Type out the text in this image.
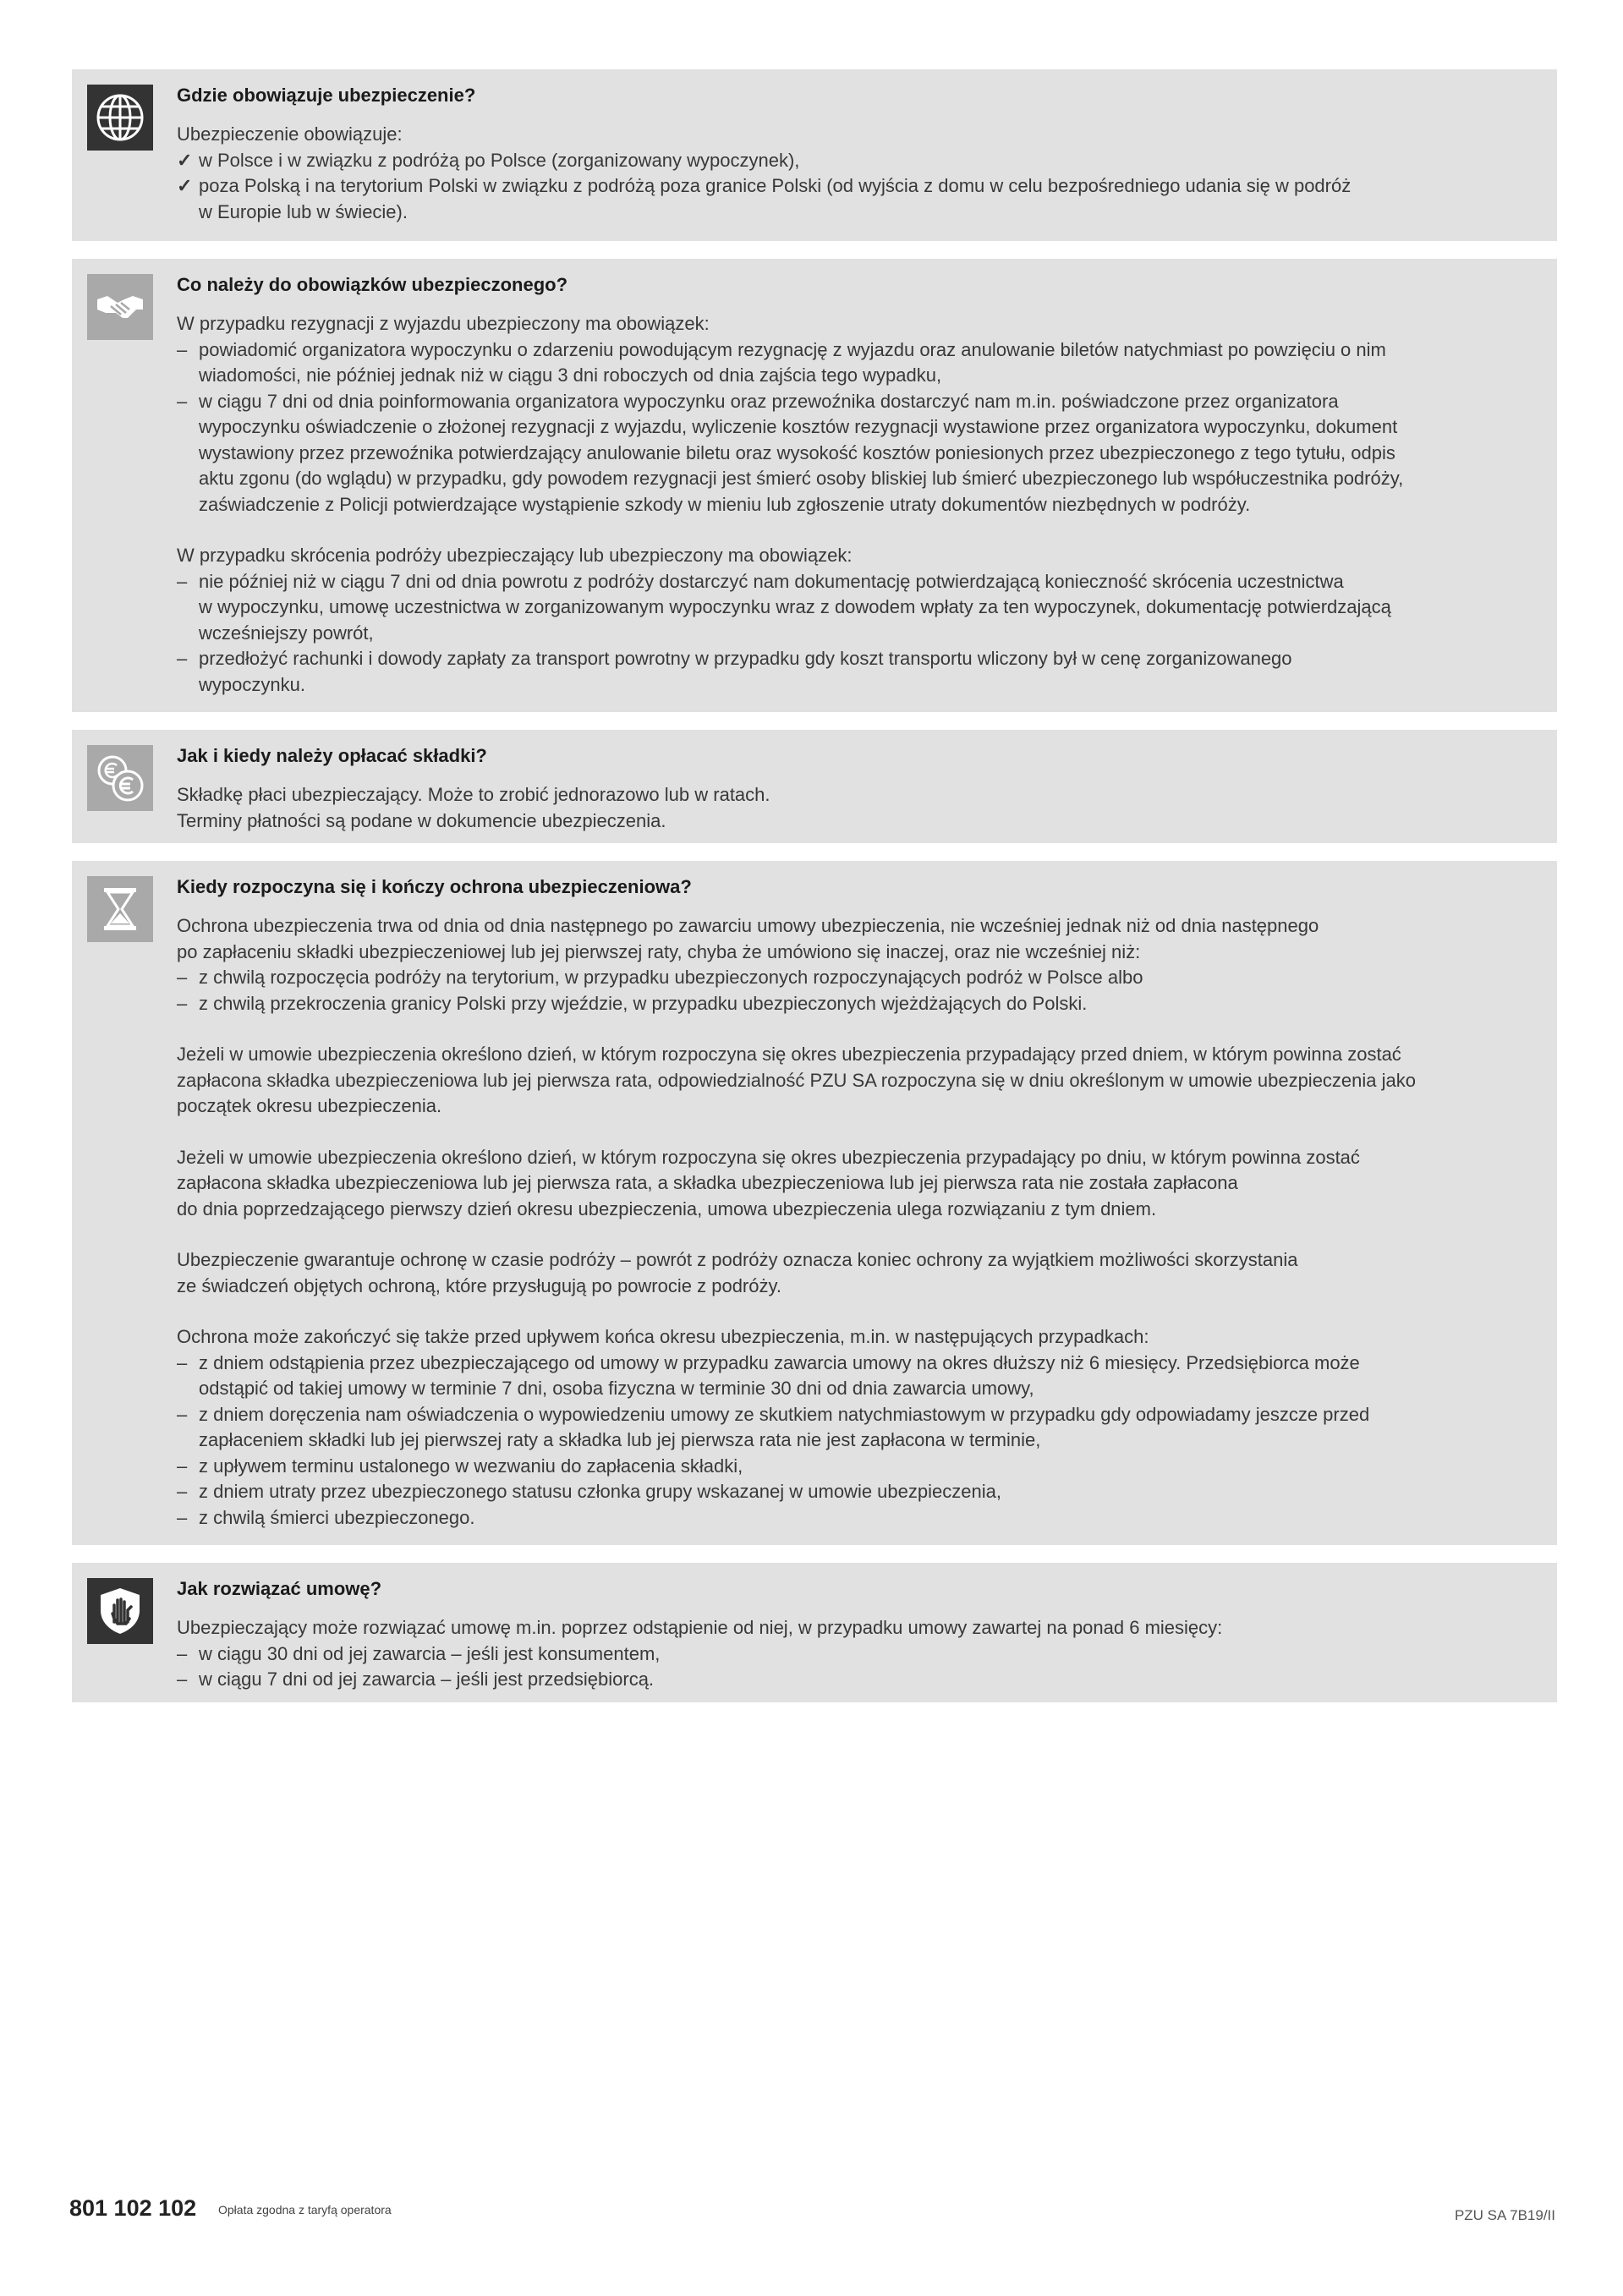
Gdzie obowiązuje ubezpieczenie?

Ubezpieczenie obowiązuje:

✓ w Polsce i w związku z podróżą po Polsce (zorganizowany wypoczynek),
✓ poza Polską i na terytorium Polski w związku z podróżą poza granice Polski (od wyjścia z domu w celu bezpośredniego udania się w podróż
w Europie lub w świecie).
Co należy do obowiązków ubezpieczonego?

W przypadku rezygnacji z wyjazdu ubezpieczony ma obowiązek:

– powiadomić organizatora wypoczynku o zdarzeniu powodującym rezygnację z wyjazdu oraz anulowanie biletów natychmiast po powzięciu o nim
wiadomości, nie później jednak niż w ciągu 3 dni roboczych od dnia zajścia tego wypadku,
– w ciągu 7 dni od dnia poinformowania organizatora wypoczynku oraz przewoźnika dostarczyć nam m.in. poświadczone przez organizatora
wypoczynku oświadczenie o złożonej rezygnacji z wyjazdu, wyliczenie kosztów rezygnacji wystawione przez organizatora wypoczynku, dokument
wystawiony przez przewoźnika potwierdzający anulowanie biletu oraz wysokość kosztów poniesionych przez ubezpieczonego z tego tytułu, odpis
aktu zgonu (do wglądu) w przypadku, gdy powodem rezygnacji jest śmierć osoby bliskiej lub śmierć ubezpieczonego lub współuczestnika podróży,
zaświadczenie z Policji potwierdzające wystąpienie szkody w mieniu lub zgłoszenie utraty dokumentów niezbędnych w podróży.

W przypadku skrócenia podróży ubezpieczający lub ubezpieczony ma obowiązek:

– nie później niż w ciągu 7 dni od dnia powrotu z podróży dostarczyć nam dokumentację potwierdzającą konieczność skrócenia uczestnictwa
w wypoczynku, umowę uczestnictwa w zorganizowanym wypoczynku wraz z dowodem wpłaty za ten wypoczynek, dokumentację potwierdzającą
wcześniejszy powrót,
– przedłożyć rachunki i dowody zapłaty za transport powrotny w przypadku gdy koszt transportu wliczony był w cenę zorganizowanego
wypoczynku.
Jak i kiedy należy opłacać składki?

Składkę płaci ubezpieczający. Może to zrobić jednorazowo lub w ratach.

Terminy płatności są podane w dokumencie ubezpieczenia.

Kiedy rozpoczyna się i kończy ochrona ubezpieczeniowa?

Ochrona ubezpieczenia trwa od dnia od dnia następnego po zawarciu umowy ubezpieczenia, nie wcześniej jednak niż od dnia następnego

po zapłaceniu składki ubezpieczeniowej lub jej pierwszej raty, chyba że umówiono się inaczej, oraz nie wcześniej niż:

– z chwilą rozpoczęcia podróży na terytorium, w przypadku ubezpieczonych rozpoczynających podróż w Polsce albo
– z chwilą przekroczenia granicy Polski przy wjeździe, w przypadku ubezpieczonych wjeżdżających do Polski.

Jeżeli w umowie ubezpieczenia określono dzień, w którym rozpoczyna się okres ubezpieczenia przypadający przed dniem, w którym powinna zostać

zapłacona składka ubezpieczeniowa lub jej pierwsza rata, odpowiedzialność PZU SA rozpoczyna się w dniu określonym w umowie ubezpieczenia jako

początek okresu ubezpieczenia.

Jeżeli w umowie ubezpieczenia określono dzień, w którym rozpoczyna się okres ubezpieczenia przypadający po dniu, w którym powinna zostać

zapłacona składka ubezpieczeniowa lub jej pierwsza rata, a składka ubezpieczeniowa lub jej pierwsza rata nie została zapłacona

do dnia poprzedzającego pierwszy dzień okresu ubezpieczenia, umowa ubezpieczenia ulega rozwiązaniu z tym dniem.

Ubezpieczenie gwarantuje ochronę w czasie podróży – powrót z podróży oznacza koniec ochrony za wyjątkiem możliwości skorzystania

ze świadczeń objętych ochroną, które przysługują po powrocie z podróży.

Ochrona może zakończyć się także przed upływem końca okresu ubezpieczenia, m.in. w następujących przypadkach:

– z dniem odstąpienia przez ubezpieczającego od umowy w przypadku zawarcia umowy na okres dłuższy niż 6 miesięcy. Przedsiębiorca może
odstąpić od takiej umowy w terminie 7 dni, osoba fizyczna w terminie 30 dni od dnia zawarcia umowy,
– z dniem doręczenia nam oświadczenia o wypowiedzeniu umowy ze skutkiem natychmiastowym w przypadku gdy odpowiadamy jeszcze przed
zapłaceniem składki lub jej pierwszej raty a składka lub jej pierwsza rata nie jest zapłacona w terminie,
– z upływem terminu ustalonego w wezwaniu do zapłacenia składki,
– z dniem utraty przez ubezpieczonego statusu członka grupy wskazanej w umowie ubezpieczenia,
– z chwilą śmierci ubezpieczonego.
Jak rozwiązać umowę?

Ubezpieczający może rozwiązać umowę m.in. poprzez odstąpienie od niej, w przypadku umowy zawartej na ponad 6 miesięcy:

– w ciągu 30 dni od jej zawarcia – jeśli jest konsumentem,
– w ciągu 7 dni od jej zawarcia – jeśli jest przedsiębiorcą.
801 102 102 Opłata zgodna z taryfą operatora	PZU SA 7B19/II
